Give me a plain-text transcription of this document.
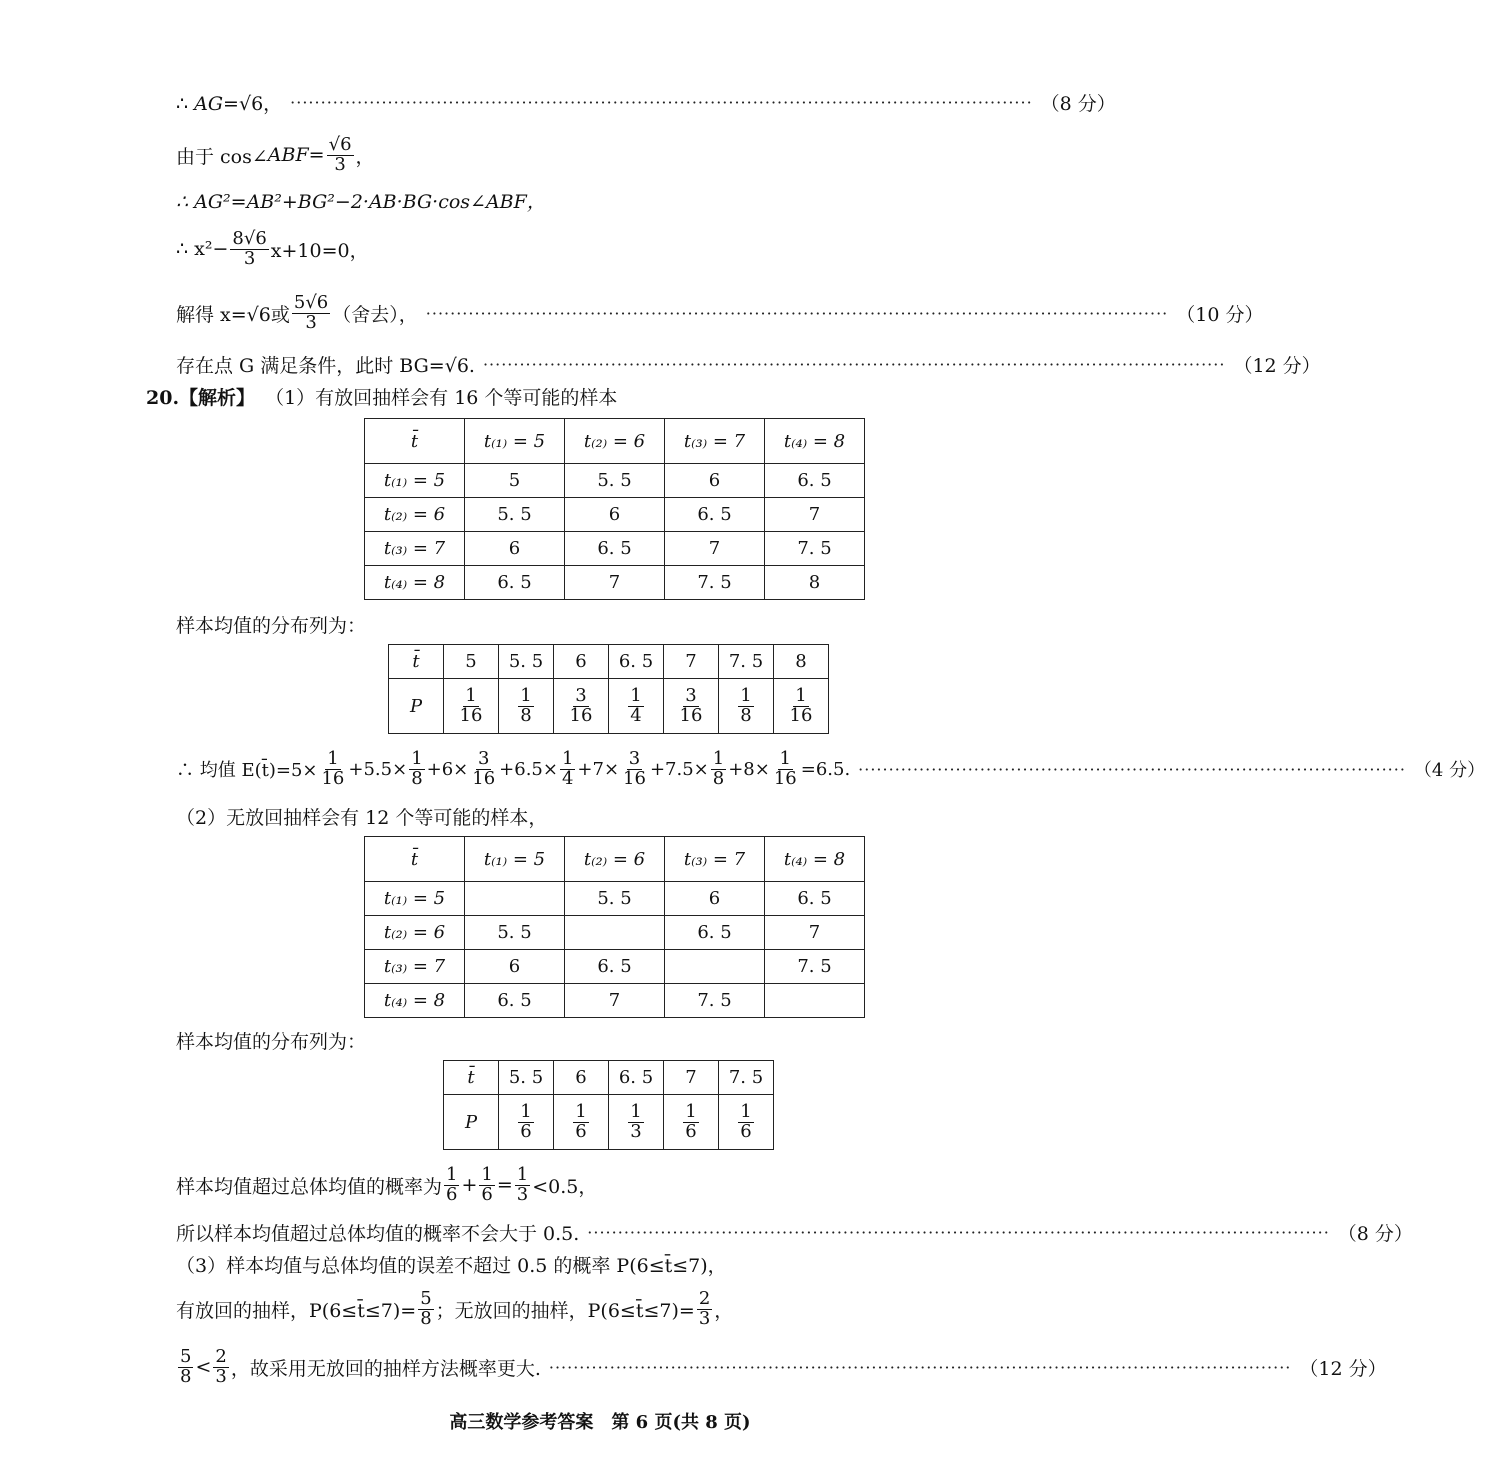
∴ AG=√6， ·························································································································· （8 分）
由于 cos∠ ABF = $\frac{√6}{3}$ ，
∴ AG²=AB²+BG²−2·AB·BG·cos∠ABF，
∴ $x^2- \frac{8√6}{3} x+10=0$，
解得 x=√6或 $\frac{5√6}{3}$ （舍去）， ·························································································································· （10 分）
存在点 G 满足条件，此时 BG=√6. ·························································································································· （12 分）
20.【解析】 （1）有放回抽样会有 16 个等可能的样本
t̄	t₍₁₎ = 5	t₍₂₎ = 6	t₍₃₎ = 7	t₍₄₎ = 8
t₍₁₎ = 5	5	5. 5	6	6. 5
t₍₂₎ = 6	5. 5	6	6. 5	7
t₍₃₎ = 7	6	6. 5	7	7. 5
t₍₄₎ = 8	6. 5	7	7. 5	8
样本均值的分布列为：
t̄	5	5. 5	6	6. 5	7	7. 5	8
P	$\frac{1}{16}$	$\frac{1}{8}$	$\frac{3}{16}$	$\frac{1}{4}$	$\frac{3}{16}$	$\frac{1}{8}$	$\frac{1}{16}$
∴ 均值 E(t̄)=5× $\frac{1}{16} +5.5\times \frac{1}{8} +6\times \frac{3}{16} +6.5\times \frac{1}{4} +7\times \frac{3}{16} +7.5\times \frac{1}{8} +8\times \frac{1}{16} =6.5$. ·························································································· （4 分）
（2）无放回抽样会有 12 个等可能的样本，
t̄	t₍₁₎ = 5	t₍₂₎ = 6	t₍₃₎ = 7	t₍₄₎ = 8
t₍₁₎ = 5		5. 5	6	6. 5
t₍₂₎ = 6	5. 5		6. 5	7
t₍₃₎ = 7	6	6. 5		7. 5
t₍₄₎ = 8	6. 5	7	7. 5	
样本均值的分布列为：
t̄	5. 5	6	6. 5	7	7. 5
P	$\frac{1}{6}$	$\frac{1}{6}$	$\frac{1}{3}$	$\frac{1}{6}$	$\frac{1}{6}$
样本均值超过总体均值的概率为 $\frac{1}{6} + \frac{1}{6} = \frac{1}{3} <0.5$，
所以样本均值超过总体均值的概率不会大于 0.5. ·························································································································· （8 分）
（3）样本均值与总体均值的误差不超过 0.5 的概率 P(6≤t̄≤7)，
有放回的抽样，P(6≤t̄≤7)= $\frac{5}{8}$ ；无放回的抽样，P(6≤t̄≤7)= $\frac{2}{3}$ ，
$\frac{5}{8} < \frac{2}{3}$ ，故采用无放回的抽样方法概率更大. ·························································································································· （12 分）
高三数学参考答案　第 6 页(共 8 页)
